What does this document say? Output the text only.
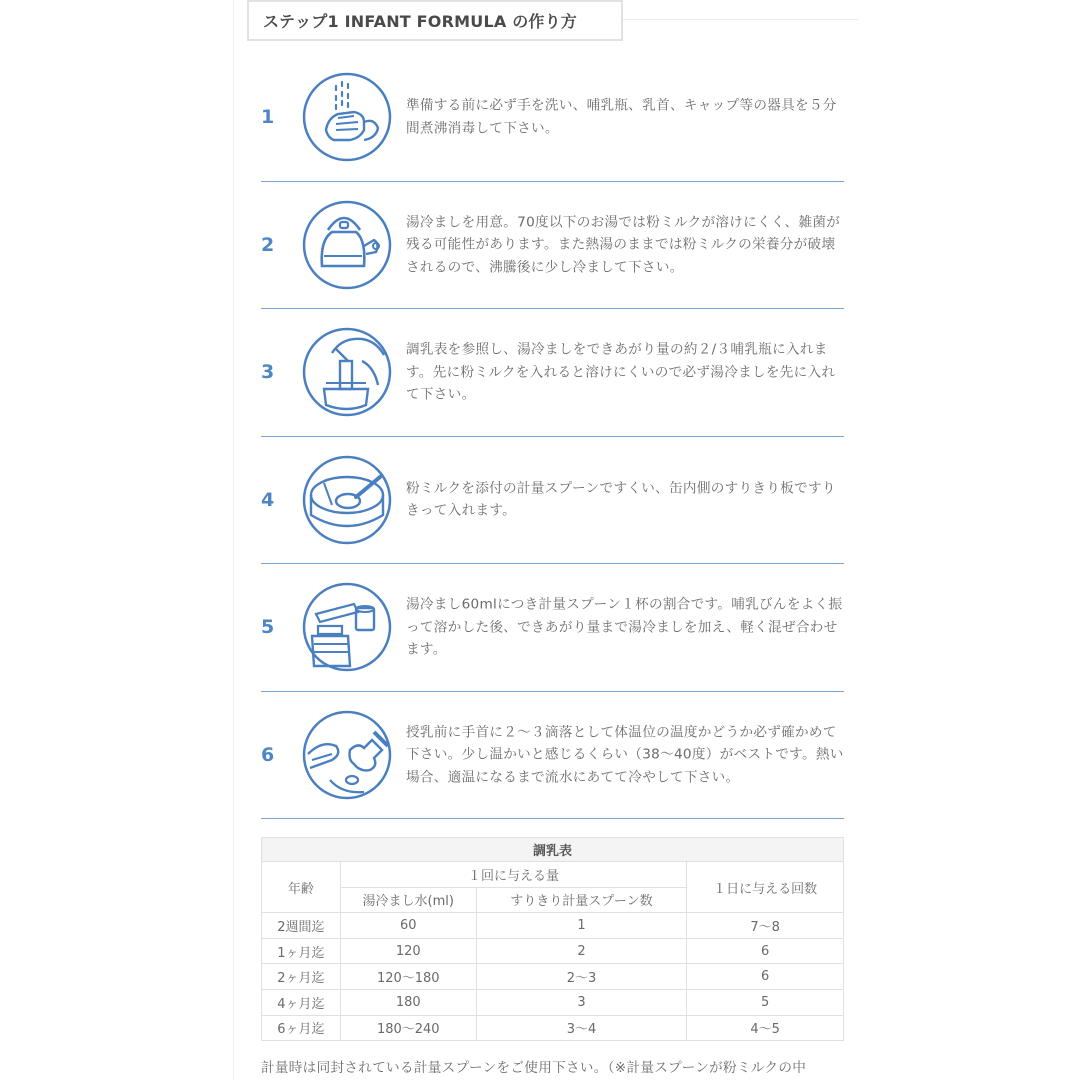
ステップ1 INFANT FORMULA の作り方
1
準備する前に必ず手を洗い、哺乳瓶、乳首、キャップ等の器具を５分間煮沸消毒して下さい。
2
湯冷ましを用意。70度以下のお湯では粉ミルクが溶けにくく、雑菌が残る可能性があります。また熱湯のままでは粉ミルクの栄養分が破壊されるので、沸騰後に少し冷まして下さい。
3
調乳表を参照し、湯冷ましをできあがり量の約２/３哺乳瓶に入れます。先に粉ミルクを入れると溶けにくいので必ず湯冷ましを先に入れて下さい。
4
粉ミルクを添付の計量スプーンですくい、缶内側のすりきり板ですりきって入れます。
5
湯冷まし60mlにつき計量スプーン１杯の割合です。哺乳びんをよく振って溶かした後、できあがり量まで湯冷ましを加え、軽く混ぜ合わせます。
6
授乳前に手首に２〜３滴落として体温位の温度かどうか必ず確かめて下さい。少し温かいと感じるくらい（38〜40度）がベストです。熱い場合、適温になるまで流水にあてて冷やして下さい。
調乳表			
年齢	１回に与える量		１日に与える回数
	湯冷まし水(ml)	すりきり計量スプーン数	
2週間迄	60	1	7〜8
1ヶ月迄	120	2	6
2ヶ月迄	120〜180	2〜3	6
4ヶ月迄	180	3	5
6ヶ月迄	180〜240	3〜4	4〜5
計量時は同封されている計量スプーンをご使用下さい。（※計量スプーンが粉ミルクの中
